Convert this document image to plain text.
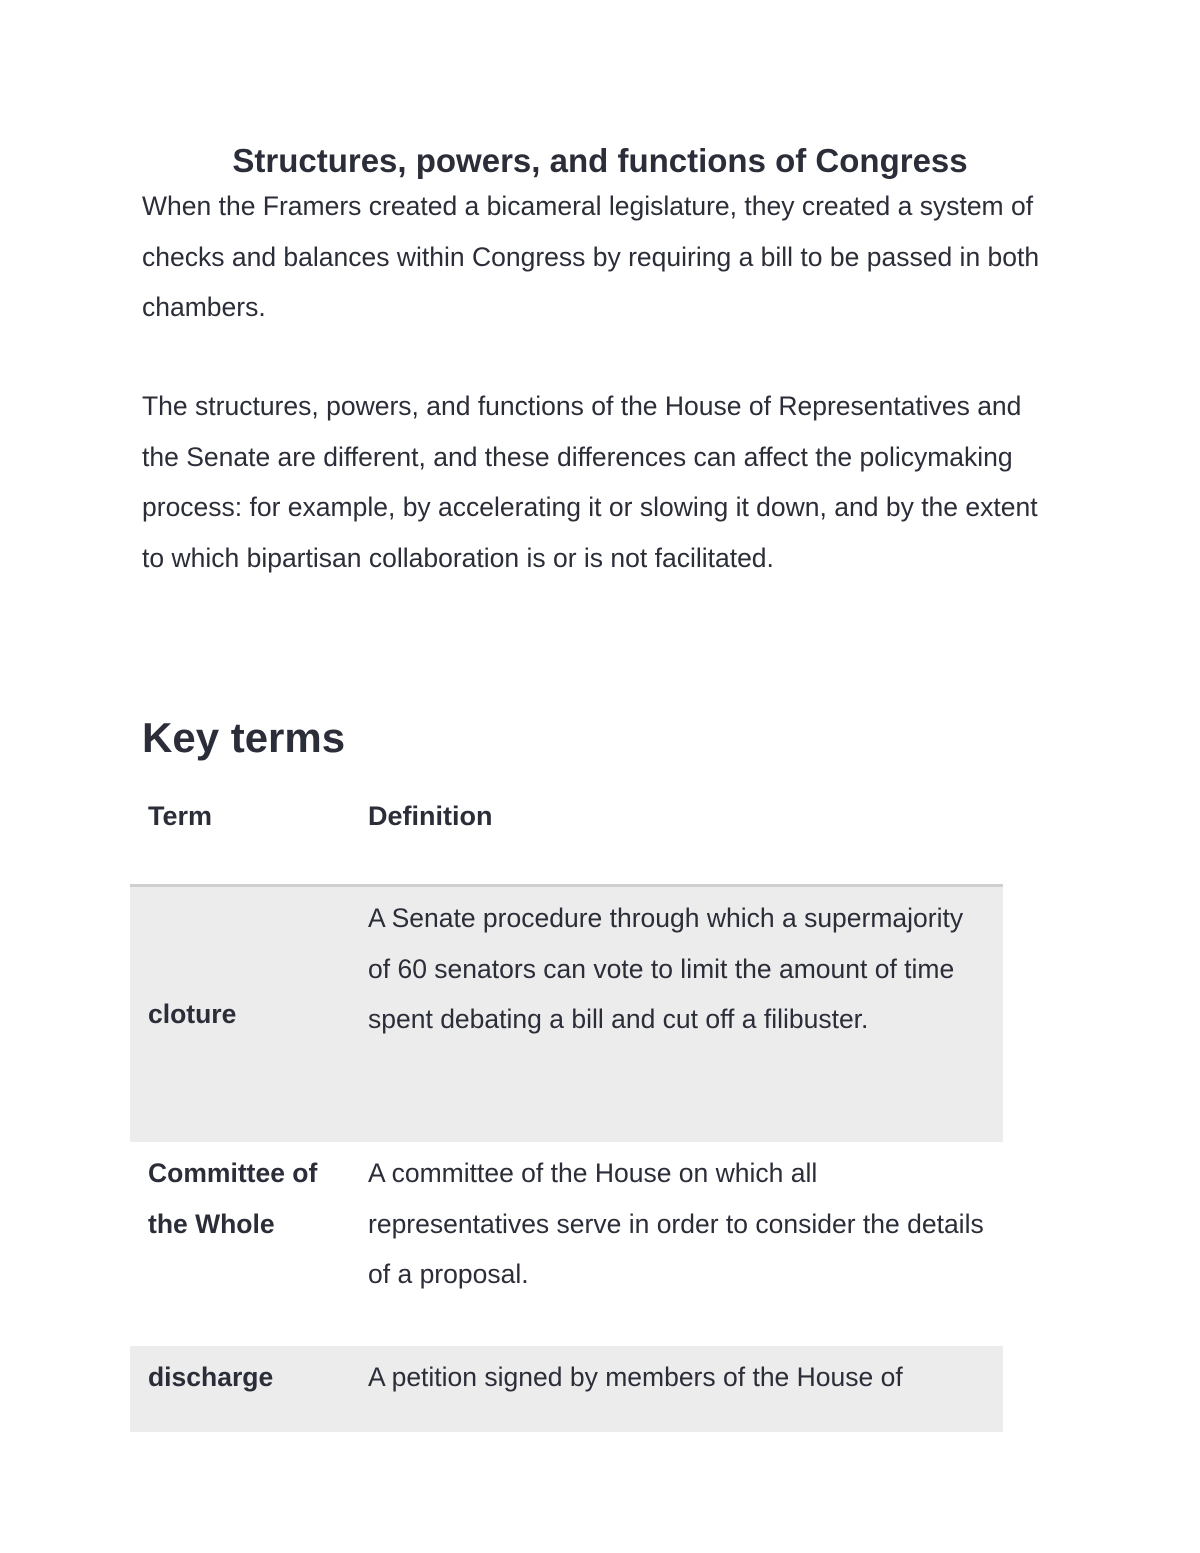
Structures, powers, and functions of Congress

When the Framers created a bicameral legislature, they created a system of checks and balances within Congress by requiring a bill to be passed in both chambers.

The structures, powers, and functions of the House of Representatives and the Senate are different, and these differences can affect the policymaking process: for example, by accelerating it or slowing it down, and by the extent to which bipartisan collaboration is or is not facilitated.

Key terms
Term	Definition
cloture	A Senate procedure through which a supermajority of 60 senators can vote to limit the amount of time spent debating a bill and cut off a filibuster.
Committee of the Whole	A committee of the House on which all representatives serve in order to consider the details of a proposal.
discharge	A petition signed by members of the House of
